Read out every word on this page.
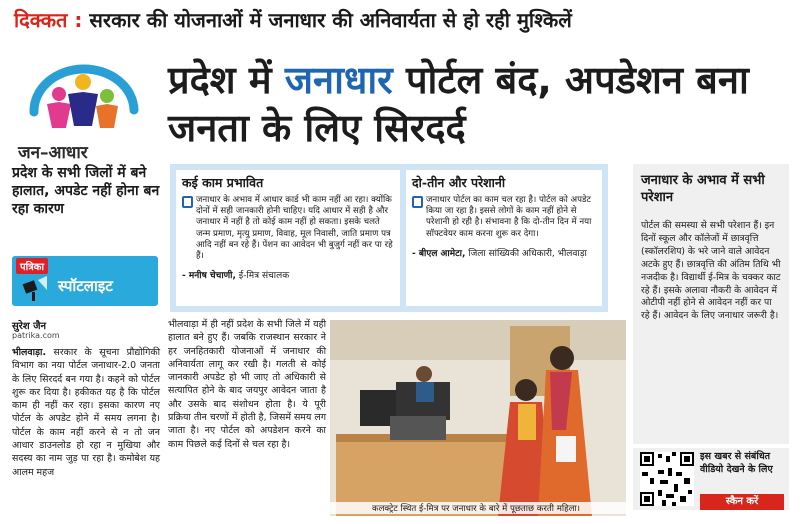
दिक्कत : सरकार की योजनाओं में जनाधार की अनिवार्यता से हो रही मुश्किलें
जन–आधार
प्रदेश में जनाधार पोर्टल बंद, अपडेशन बना जनता के लिए सिरदर्द
प्रदेश के सभी जिलों में बने हालात, अपडेट नहीं होना बन रहा कारण
पत्रिका
स्पॉटलाइट
सुरेश जैन
patrika.com
भीलवाड़ा. सरकार के सूचना प्रौद्योगिकी विभाग का नया पोर्टल जनाधार-2.0 जनता के लिए सिरदर्द बन गया है। कहने को पोर्टल शुरू कर दिया है। हकीकत यह है कि पोर्टल काम ही नहीं कर रहा। इसका कारण नए पोर्टल के अपडेट होने में समय लगना है। पोर्टल के काम नहीं करने से न तो जन आधार डाउनलोड हो रहा न मुखिया और सदस्य का नाम जुड़ पा रहा है। कमोबेश यह आलम महज
कई काम प्रभावित
जनाधार के अभाव में आधार कार्ड भी काम नहीं आ रहा। क्योंकि दोनों में सही जानकारी होनी चाहिए। यदि आधार में सही है और जनाधार में नहीं है तो कोई काम नहीं हो सकता। इसके चलते जन्म प्रमाण, मृत्यु प्रमाण, विवाह, मूल निवासी, जाति प्रमाण पत्र आदि नहीं बन रहे हैं। पेंशन का आवेदन भी बुजुर्ग नहीं कर पा रहे हैं।
- मनीष चेचाणी, ई-मित्र संचालक
दो-तीन और परेशानी
जनाधार पोर्टल का काम चल रहा है। पोर्टल को अपडेट किया जा रहा है। इससे लोगों के काम नहीं होने से परेशानी हो रही है। संभावना है कि दो-तीन दिन में नया सॉफ्टवेयर काम करना शुरू कर देगा।
- बीएल आमेटा, जिला सांख्यिकी अधिकारी, भीलवाड़ा
भीलवाड़ा में ही नहीं प्रदेश के सभी जिले में यही हालात बने हुए हैं। जबकि राजस्थान सरकार ने हर जनहितकारी योजनाओं में जनाधार की अनिवार्यता लागू कर रखी है। गलती से कोई जानकारी अपडेट हो भी जाए तो अधिकारी से सत्यापित होने के बाद जयपुर आवेदन जाता है और उसके बाद संशोधन होता है। ये पूरी प्रक्रिया तीन चरणों में होती है, जिसमें समय लग जाता है। नए पोर्टल को अपडेशन करने का काम पिछले कई दिनों से चल रहा है।
कलक्ट्रेट स्थित ई-मित्र पर जनाधार के बारे में पूछताछ करती महिला।
जनाधार के अभाव में सभी परेशान
पोर्टल की समस्या से सभी परेशान हैं। इन दिनों स्कूल और कॉलेजों में छात्रवृत्ति (स्कॉलरशिप) के भरे जाने वाले आवेदन अटके हुए हैं। छात्रवृत्ति की अंतिम तिथि भी नजदीक है। विद्यार्थी ई-मित्र के चक्कर काट रहे हैं। इसके अलावा नौकरी के आवेदन में ओटीपी नहीं होने से आवेदन नहीं कर पा रहे हैं। आवेदन के लिए जनाधार जरूरी है।
इस खबर से संबंधित वीडियो देखने के लिए
स्कैन करें
